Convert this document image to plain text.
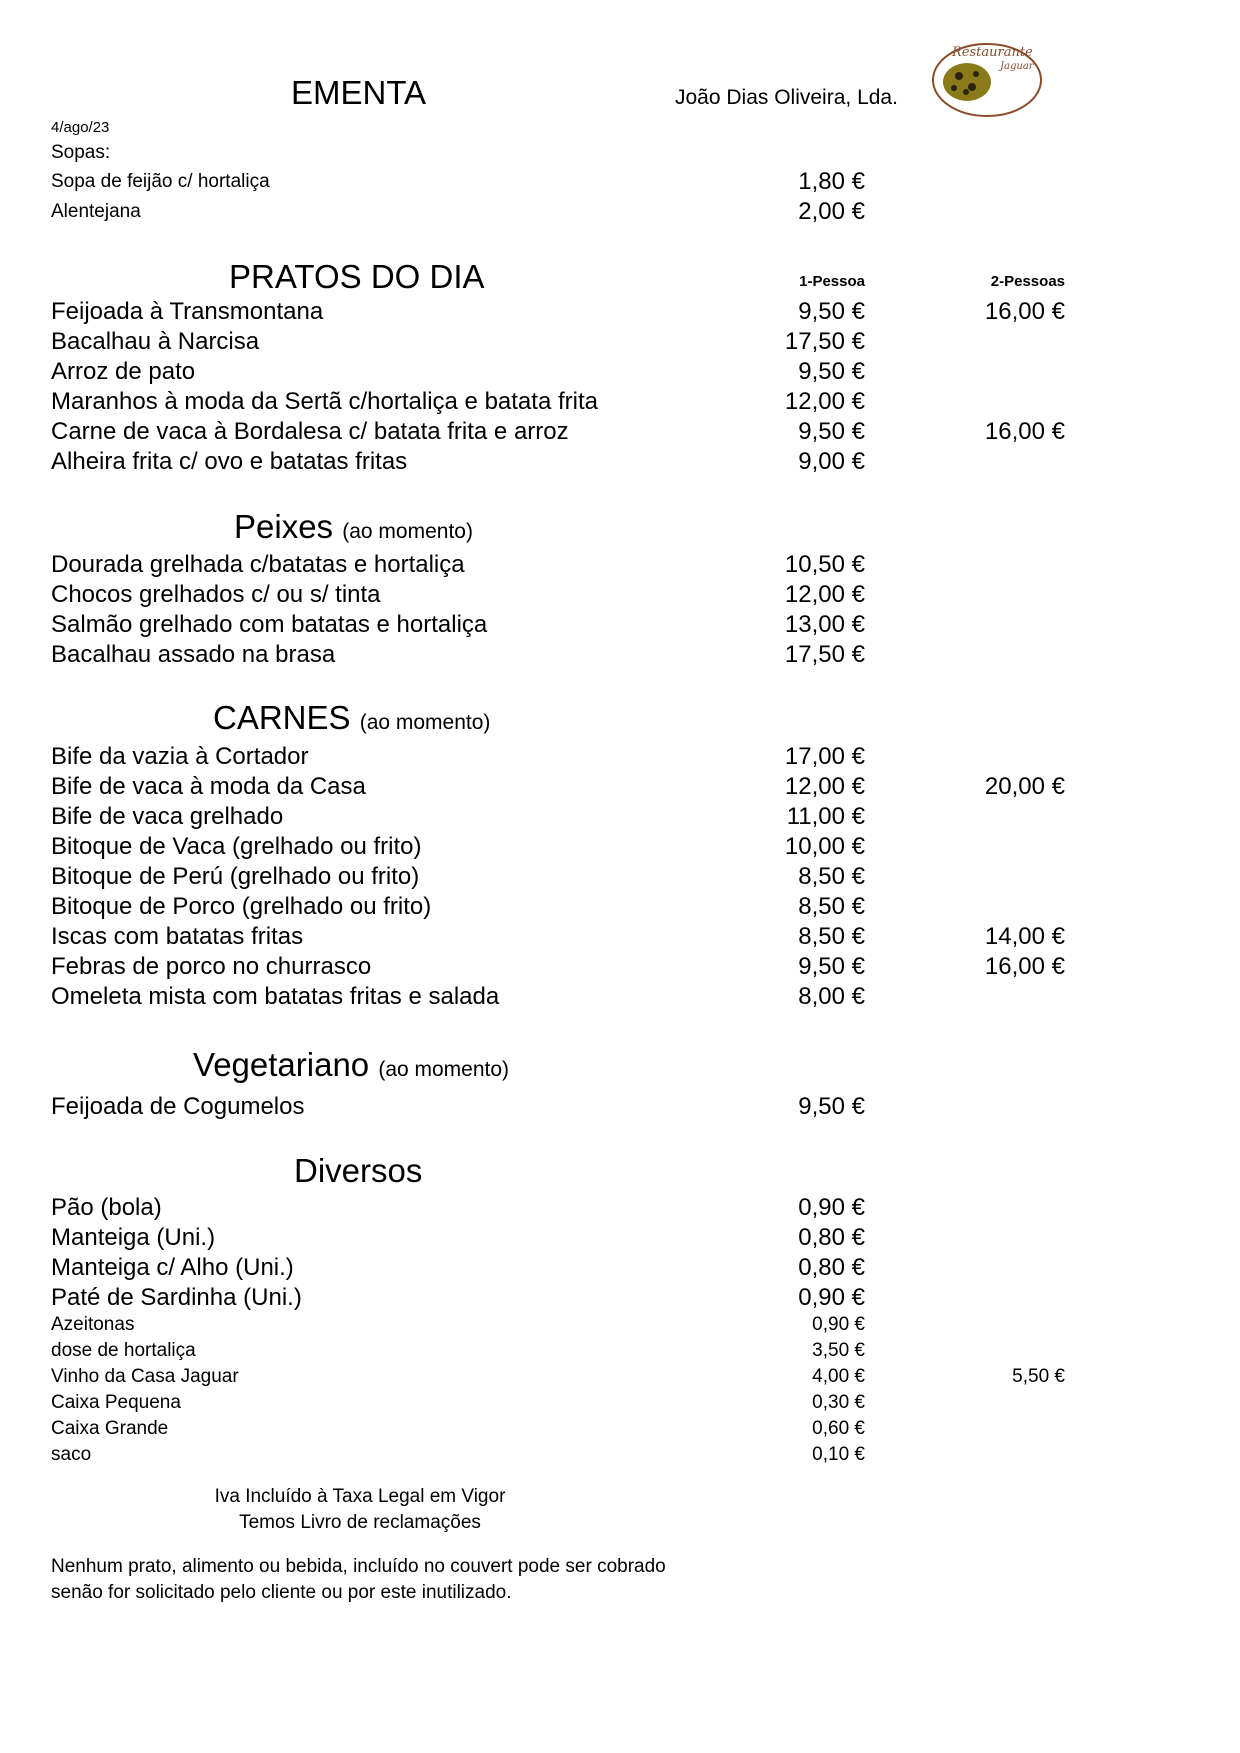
EMENTA	João Dias Oliveira, Lda.
Restaurante
Jaguar
4/ago/23
Sopas:
Sopa de feijão c/ hortaliça	1,80 €
Alentejana	2,00 €
PRATOS DO DIA	1-Pessoa	2-Pessoas
Feijoada à Transmontana	9,50 €	16,00 €
Bacalhau à Narcisa	17,50 €
Arroz de pato	9,50 €
Maranhos à moda da Sertã c/hortaliça e batata frita	12,00 €
Carne de vaca à Bordalesa c/ batata frita e arroz	9,50 €	16,00 €
Alheira frita c/ ovo e batatas fritas	9,00 €
Peixes (ao momento)
Dourada grelhada c/batatas e hortaliça	10,50 €
Chocos grelhados c/ ou s/ tinta	12,00 €
Salmão grelhado com batatas e hortaliça	13,00 €
Bacalhau assado na brasa	17,50 €
CARNES (ao momento)
Bife da vazia à Cortador	17,00 €
Bife de vaca à moda da Casa	12,00 €	20,00 €
Bife de vaca grelhado	11,00 €
Bitoque de Vaca (grelhado ou frito)	10,00 €
Bitoque de Perú (grelhado ou frito)	8,50 €
Bitoque de Porco (grelhado ou frito)	8,50 €
Iscas com batatas fritas	8,50 €	14,00 €
Febras de porco no churrasco	9,50 €	16,00 €
Omeleta mista com batatas fritas e salada	8,00 €
Vegetariano (ao momento)
Feijoada de Cogumelos	9,50 €
Diversos
Pão (bola)	0,90 €
Manteiga (Uni.)	0,80 €
Manteiga c/ Alho (Uni.)	0,80 €
Paté de Sardinha (Uni.)	0,90 €
Azeitonas	0,90 €
dose de hortaliça	3,50 €
Vinho da Casa Jaguar	4,00 €	5,50 €
Caixa Pequena	0,30 €
Caixa Grande	0,60 €
saco	0,10 €
Iva Incluído à Taxa Legal em Vigor
Temos Livro de reclamações
Nenhum prato, alimento ou bebida, incluído no couvert pode ser cobrado
senão for solicitado pelo cliente ou por este inutilizado.
